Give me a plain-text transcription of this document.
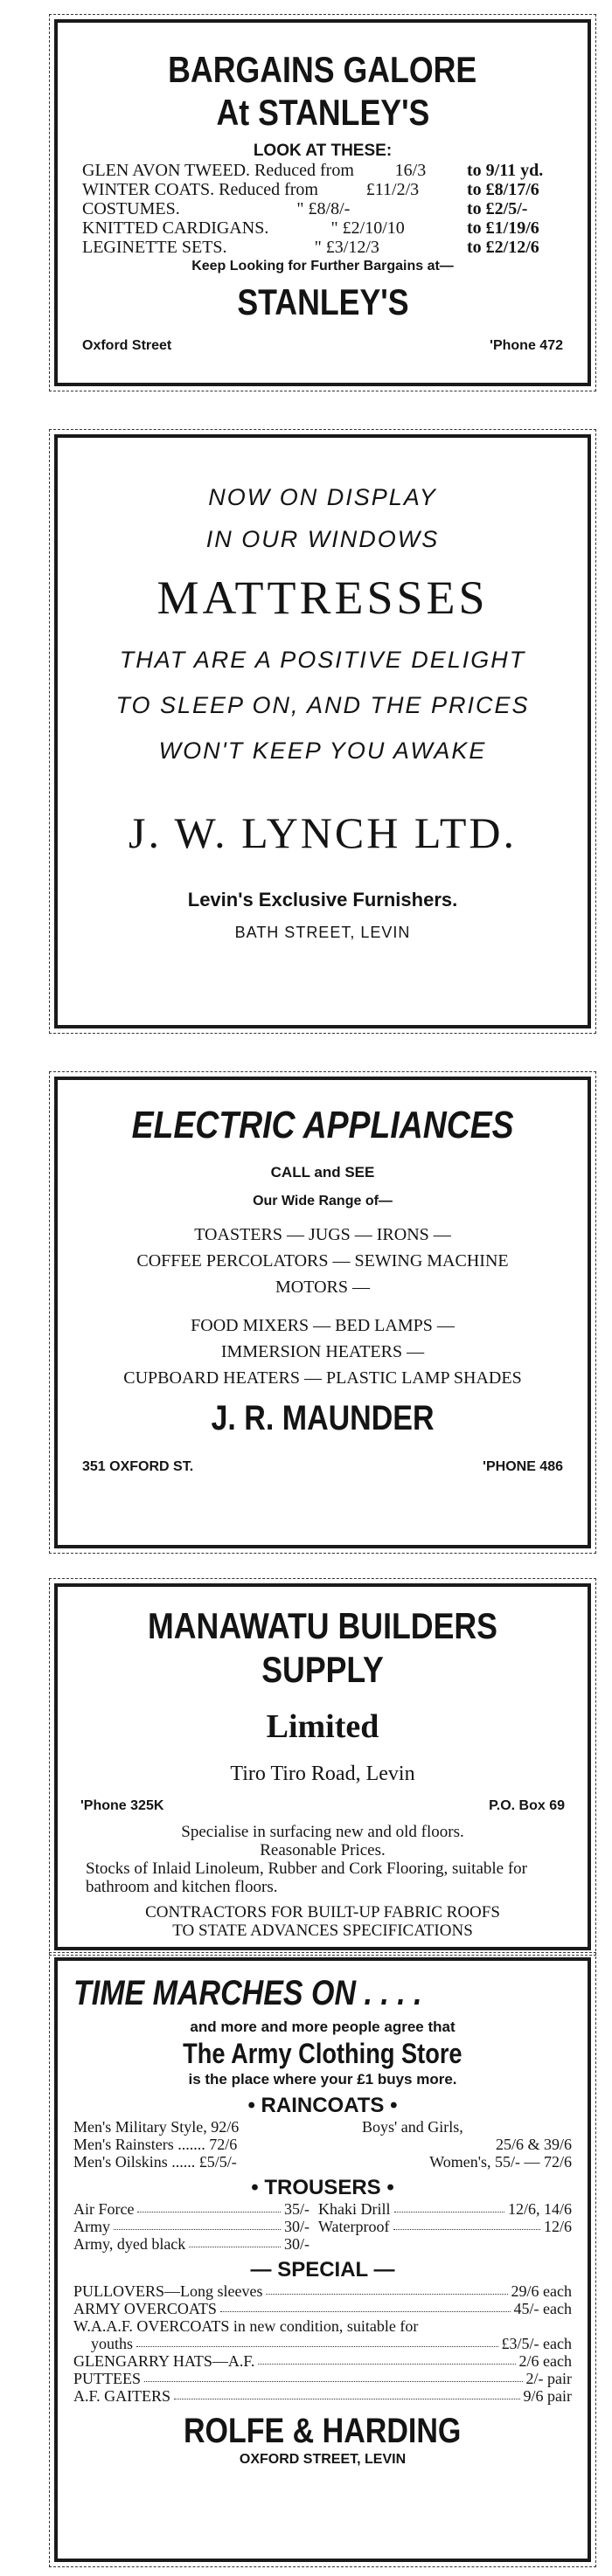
BARGAINS GALORE
At STANLEY'S
LOOK AT THESE:
GLEN AVON TWEED. Reduced from 16/3 to 9/11 yd.
WINTER COATS. Reduced from	£11/2/3	to £8/17/6
COSTUMES.	" £8/8/-	to £2/5/-
KNITTED CARDIGANS.	" £2/10/10	to £1/19/6
LEGINETTE SETS.	" £3/12/3	to £2/12/6
Keep Looking for Further Bargains at—
STANLEY'S
Oxford Street	'Phone 472
NOW ON DISPLAY
IN OUR WINDOWS
MATTRESSES
THAT ARE A POSITIVE DELIGHT
TO SLEEP ON, AND THE PRICES
WON'T KEEP YOU AWAKE
J. W. LYNCH LTD.
Levin's Exclusive Furnishers.
BATH STREET, LEVIN
ELECTRIC APPLIANCES
CALL and SEE
Our Wide Range of—
TOASTERS — JUGS — IRONS —
COFFEE PERCOLATORS — SEWING MACHINE
MOTORS —
FOOD MIXERS — BED LAMPS —
IMMERSION HEATERS —
CUPBOARD HEATERS — PLASTIC LAMP SHADES
J. R. MAUNDER
351 OXFORD ST.	'PHONE 486
MANAWATU BUILDERS SUPPLY
Limited
Tiro Tiro Road, Levin
'Phone 325K	P.O. Box 69
Specialise in surfacing new and old floors.
Reasonable Prices.
Stocks of Inlaid Linoleum, Rubber and Cork Flooring, suitable for bathroom and kitchen floors.
CONTRACTORS FOR BUILT-UP FABRIC ROOFS
TO STATE ADVANCES SPECIFICATIONS
TIME MARCHES ON . . . .
and more and more people agree that
The Army Clothing Store
is the place where your £1 buys more.
• RAINCOATS •
Men's Military Style, 92/6	Boys' and Girls,
Men's Rainsters ....... 72/6	25/6 & 39/6
Men's Oilskins ...... £5/5/-	Women's, 55/- — 72/6
• TROUSERS •
Air Force	35/- Khaki Drill	12/6, 14/6
Army	30/- Waterproof	12/6
Army, dyed black	30/-
— SPECIAL —
PULLOVERS—Long sleeves	29/6 each
ARMY OVERCOATS	45/- each
W.A.A.F. OVERCOATS in new condition, suitable for
youths	£3/5/- each
GLENGARRY HATS—A.F.	2/6 each
PUTTEES	2/- pair
A.F. GAITERS	9/6 pair
ROLFE & HARDING
OXFORD STREET, LEVIN
